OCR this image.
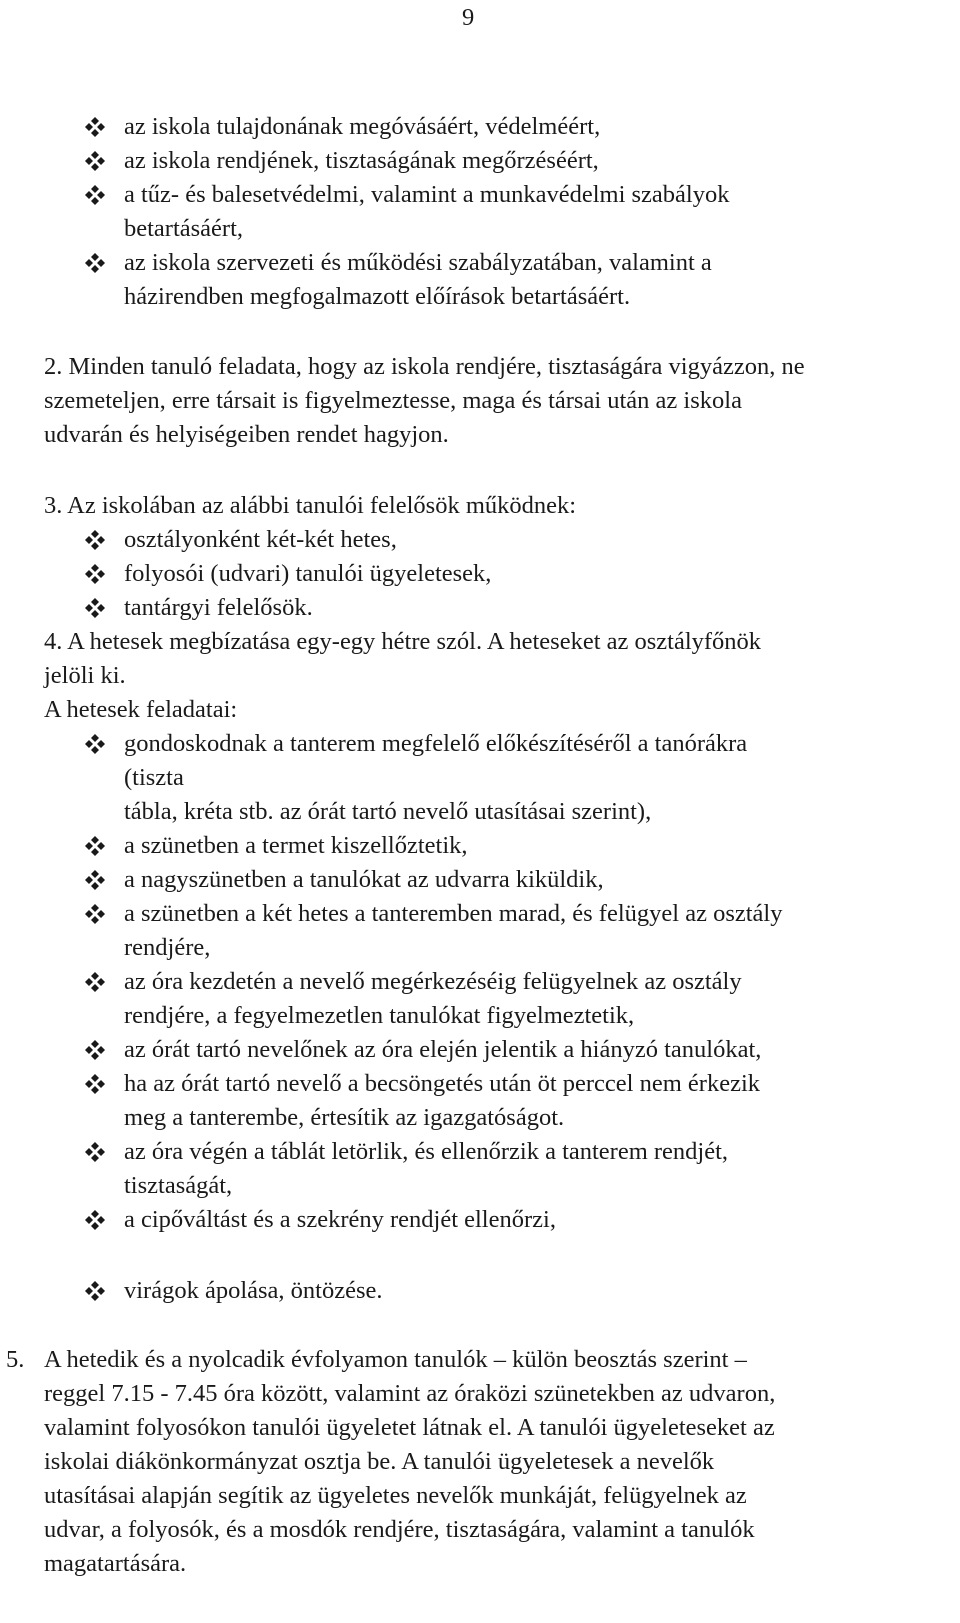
9
az iskola tulajdonának megóvásáért, védelméért,
az iskola rendjének, tisztaságának megőrzéséért,
a tűz- és balesetvédelmi, valamint a munkavédelmi szabályok
betartásáért,
az iskola szervezeti és működési szabályzatában, valamint a
házirendben megfogalmazott előírások betartásáért.
2. Minden tanuló feladata, hogy az iskola rendjére, tisztaságára vigyázzon, ne
szemeteljen, erre társait is figyelmeztesse, maga és társai után az iskola
udvarán és helyiségeiben rendet hagyjon.
3. Az iskolában az alábbi tanulói felelősök működnek:
osztályonként két-két hetes,
folyosói (udvari) tanulói ügyeletesek,
tantárgyi felelősök.
4. A hetesek megbízatása egy-egy hétre szól. A heteseket az osztályfőnök
jelöli ki.
A hetesek feladatai:
gondoskodnak a tanterem megfelelő előkészítéséről a tanórákra
(tiszta
tábla, kréta stb. az órát tartó nevelő utasításai szerint),
a szünetben a termet kiszellőztetik,
a nagyszünetben a tanulókat az udvarra kiküldik,
a szünetben a két hetes a tanteremben marad, és felügyel az osztály
rendjére,
az óra kezdetén a nevelő megérkezéséig felügyelnek az osztály
rendjére, a fegyelmezetlen tanulókat figyelmeztetik,
az órát tartó nevelőnek az óra elején jelentik a hiányzó tanulókat,
ha az órát tartó nevelő a becsöngetés után öt perccel nem érkezik
meg a tanterembe, értesítik az igazgatóságot.
az óra végén a táblát letörlik, és ellenőrzik a tanterem rendjét,
tisztaságát,
a cipőváltást és a szekrény rendjét ellenőrzi,
virágok ápolása, öntözése.
5. A hetedik és a nyolcadik évfolyamon tanulók – külön beosztás szerint –
reggel 7.15 - 7.45 óra között, valamint az óraközi szünetekben az udvaron,
valamint folyosókon tanulói ügyeletet látnak el. A tanulói ügyeleteseket az
iskolai diákönkormányzat osztja be. A tanulói ügyeletesek a nevelők
utasításai alapján segítik az ügyeletes nevelők munkáját, felügyelnek az
udvar, a folyosók, és a mosdók rendjére, tisztaságára, valamint a tanulók
magatartására.
